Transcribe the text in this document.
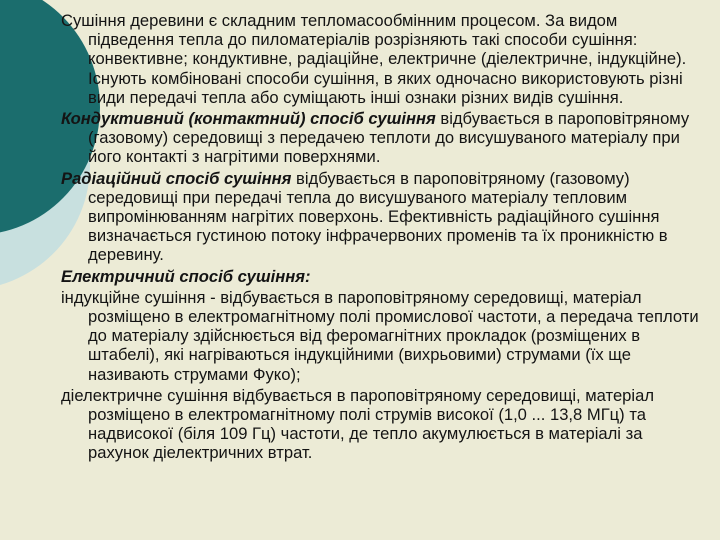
Сушіння деревини є складним тепломасообмінним процесом. За видом підведення тепла до пиломатеріалів розрізняють такі способи сушіння: конвективне; кондуктивне, радіаційне, електричне (діелектричне, індукційне). Існують комбіновані способи сушіння, в яких одночасно використовують різні види передачі тепла або суміщають інші ознаки різних видів сушіння.

Кондуктивний (контактний) спосіб сушіння відбувається в пароповітряному (газовому) середовищі з передачею теплоти до висушуваного матеріалу при його контакті з нагрітими поверхнями.

Радіаційний спосіб сушіння відбувається в пароповітряному (газовому) середовищі при передачі тепла до висушуваного матеріалу тепловим випромінюванням нагрітих поверхонь. Ефективність радіаційного сушіння визначається густиною потоку інфрачервоних променів та їх проникністю в деревину.

Електричний спосіб сушіння:

індукційне сушіння - відбувається в пароповітряному середовищі, матеріал розміщено в електромагнітному полі промислової частоти, а передача теплоти до матеріалу здійснюється від феромагнітних прокладок (розміщених в штабелі), які нагріваються індукційними (вихрьовими) струмами (їх ще називають струмами Фуко);

діелектричне сушіння відбувається в пароповітряному середовищі, матеріал розміщено в електромагнітному полі струмів високої (1,0 ... 13,8 МГц) та надвисокої (біля 109 Гц) частоти, де тепло акумулюється в матеріалі за рахунок діелектричних втрат.
